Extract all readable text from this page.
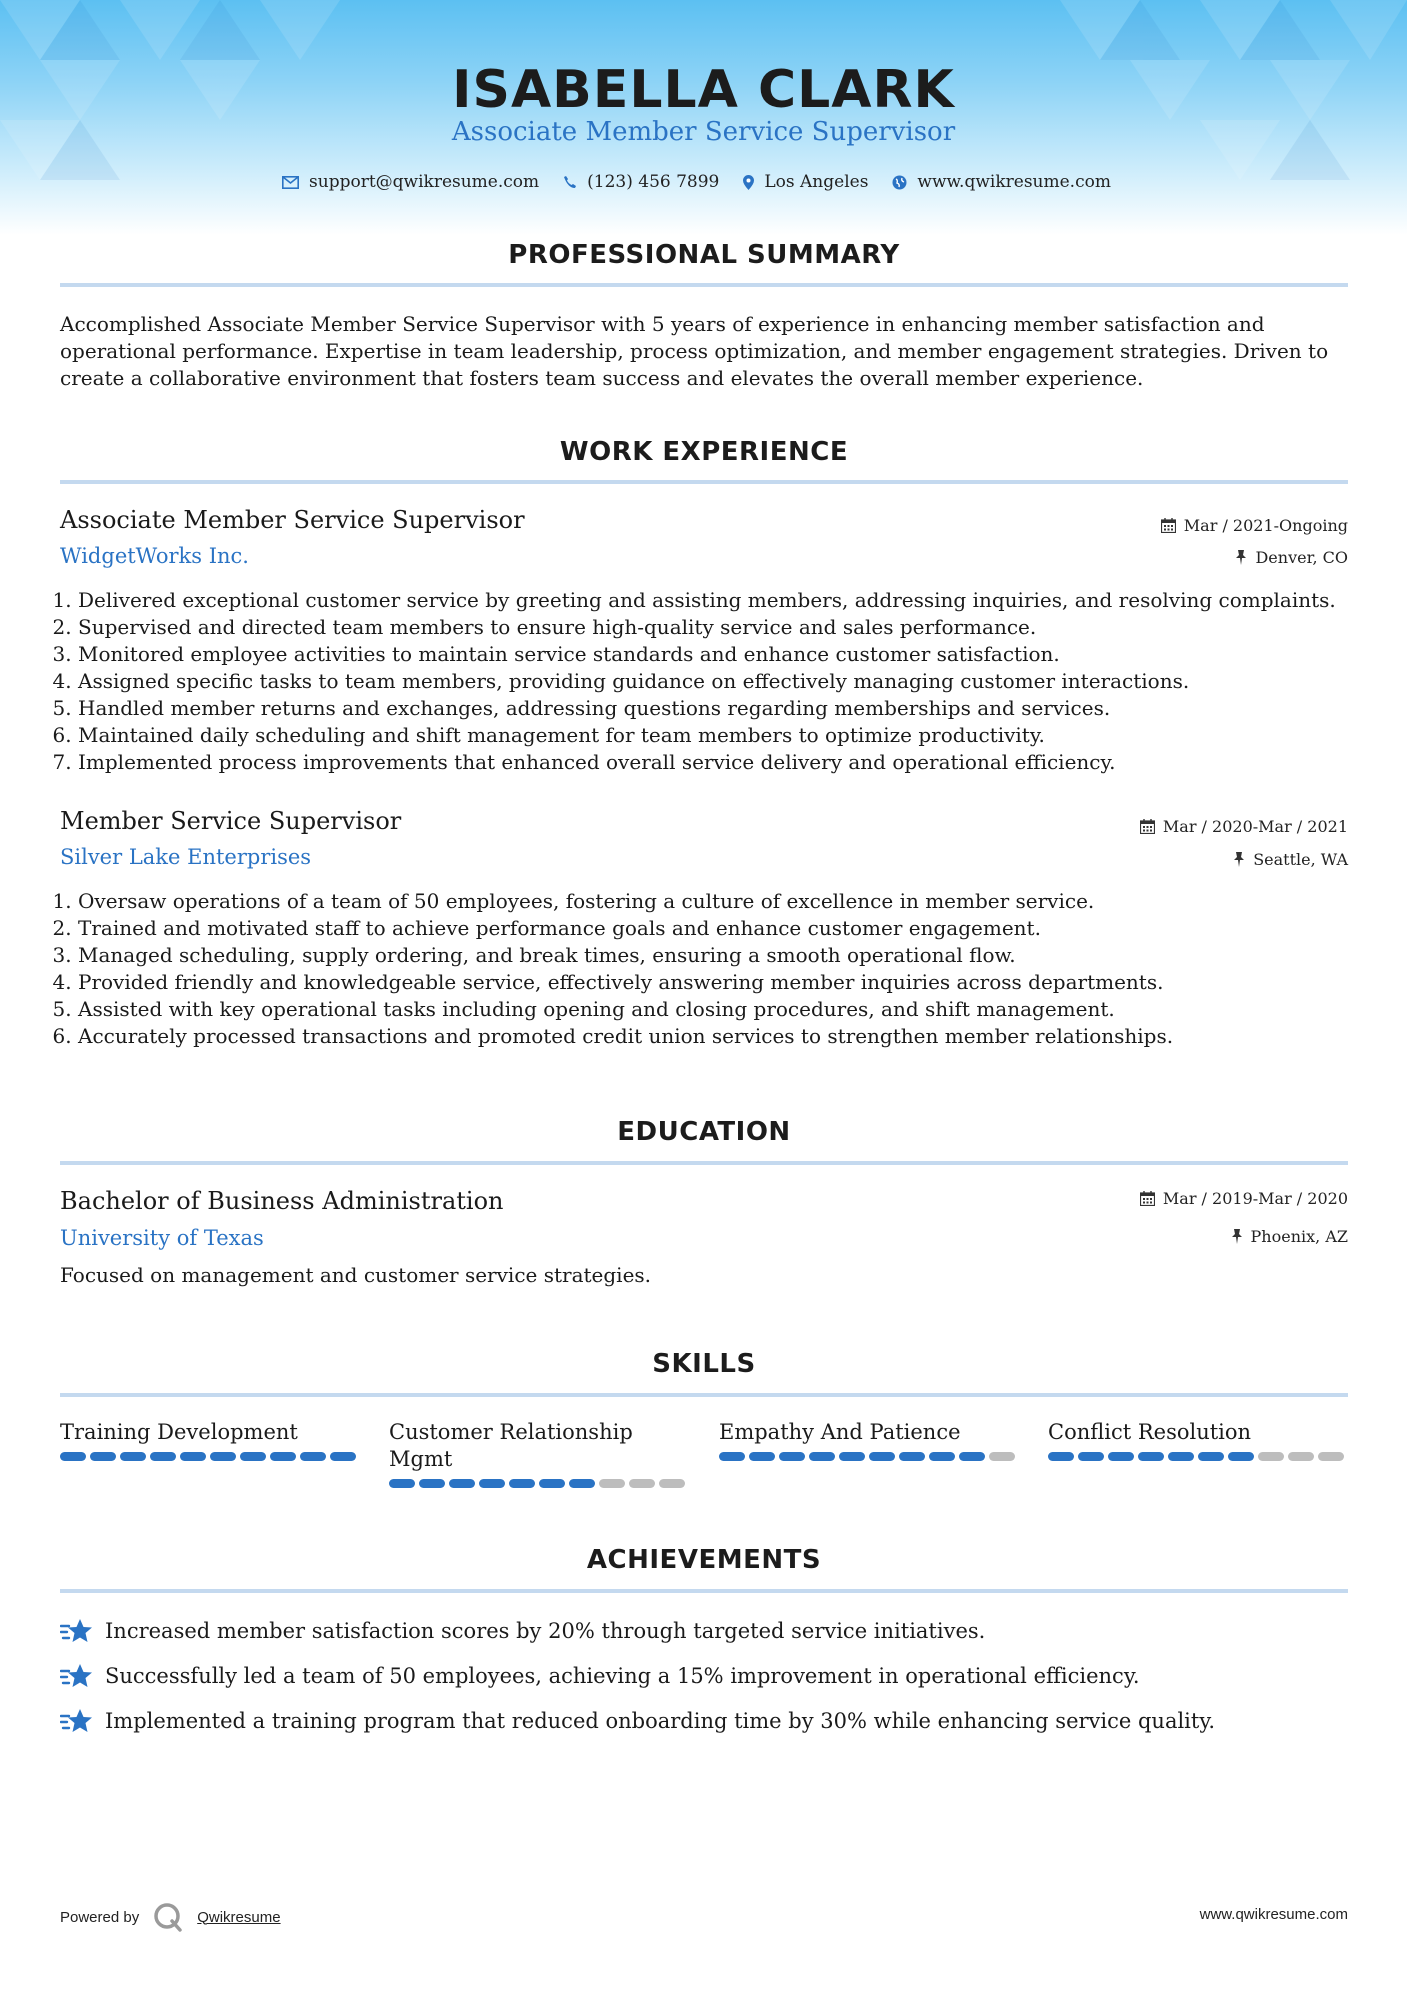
ISABELLA CLARK
Associate Member Service Supervisor
support@qwikresume.com	(123) 456 7899	Los Angeles	www.qwikresume.com
PROFESSIONAL SUMMARY
Accomplished Associate Member Service Supervisor with 5 years of experience in enhancing member satisfaction and operational performance. Expertise in team leadership, process optimization, and member engagement strategies. Driven to create a collaborative environment that fosters team success and elevates the overall member experience.
WORK EXPERIENCE
Associate Member Service Supervisor	Mar / 2021-Ongoing
WidgetWorks Inc.	Denver, CO
1. Delivered exceptional customer service by greeting and assisting members, addressing inquiries, and resolving complaints.
2. Supervised and directed team members to ensure high-quality service and sales performance.
3. Monitored employee activities to maintain service standards and enhance customer satisfaction.
4. Assigned specific tasks to team members, providing guidance on effectively managing customer interactions.
5. Handled member returns and exchanges, addressing questions regarding memberships and services.
6. Maintained daily scheduling and shift management for team members to optimize productivity.
7. Implemented process improvements that enhanced overall service delivery and operational efficiency.
Member Service Supervisor	Mar / 2020-Mar / 2021
Silver Lake Enterprises	Seattle, WA
1. Oversaw operations of a team of 50 employees, fostering a culture of excellence in member service.
2. Trained and motivated staff to achieve performance goals and enhance customer engagement.
3. Managed scheduling, supply ordering, and break times, ensuring a smooth operational flow.
4. Provided friendly and knowledgeable service, effectively answering member inquiries across departments.
5. Assisted with key operational tasks including opening and closing procedures, and shift management.
6. Accurately processed transactions and promoted credit union services to strengthen member relationships.
EDUCATION
Bachelor of Business Administration	Mar / 2019-Mar / 2020
University of Texas	Phoenix, AZ
Focused on management and customer service strategies.
SKILLS
Training Development	Customer Relationship Mgmt
Empathy And Patience	Conflict Resolution
ACHIEVEMENTS
Increased member satisfaction scores by 20% through targeted service initiatives.
Successfully led a team of 50 employees, achieving a 15% improvement in operational efficiency.
Implemented a training program that reduced onboarding time by 30% while enhancing service quality.
Powered by	Qwikresume	www.qwikresume.com
